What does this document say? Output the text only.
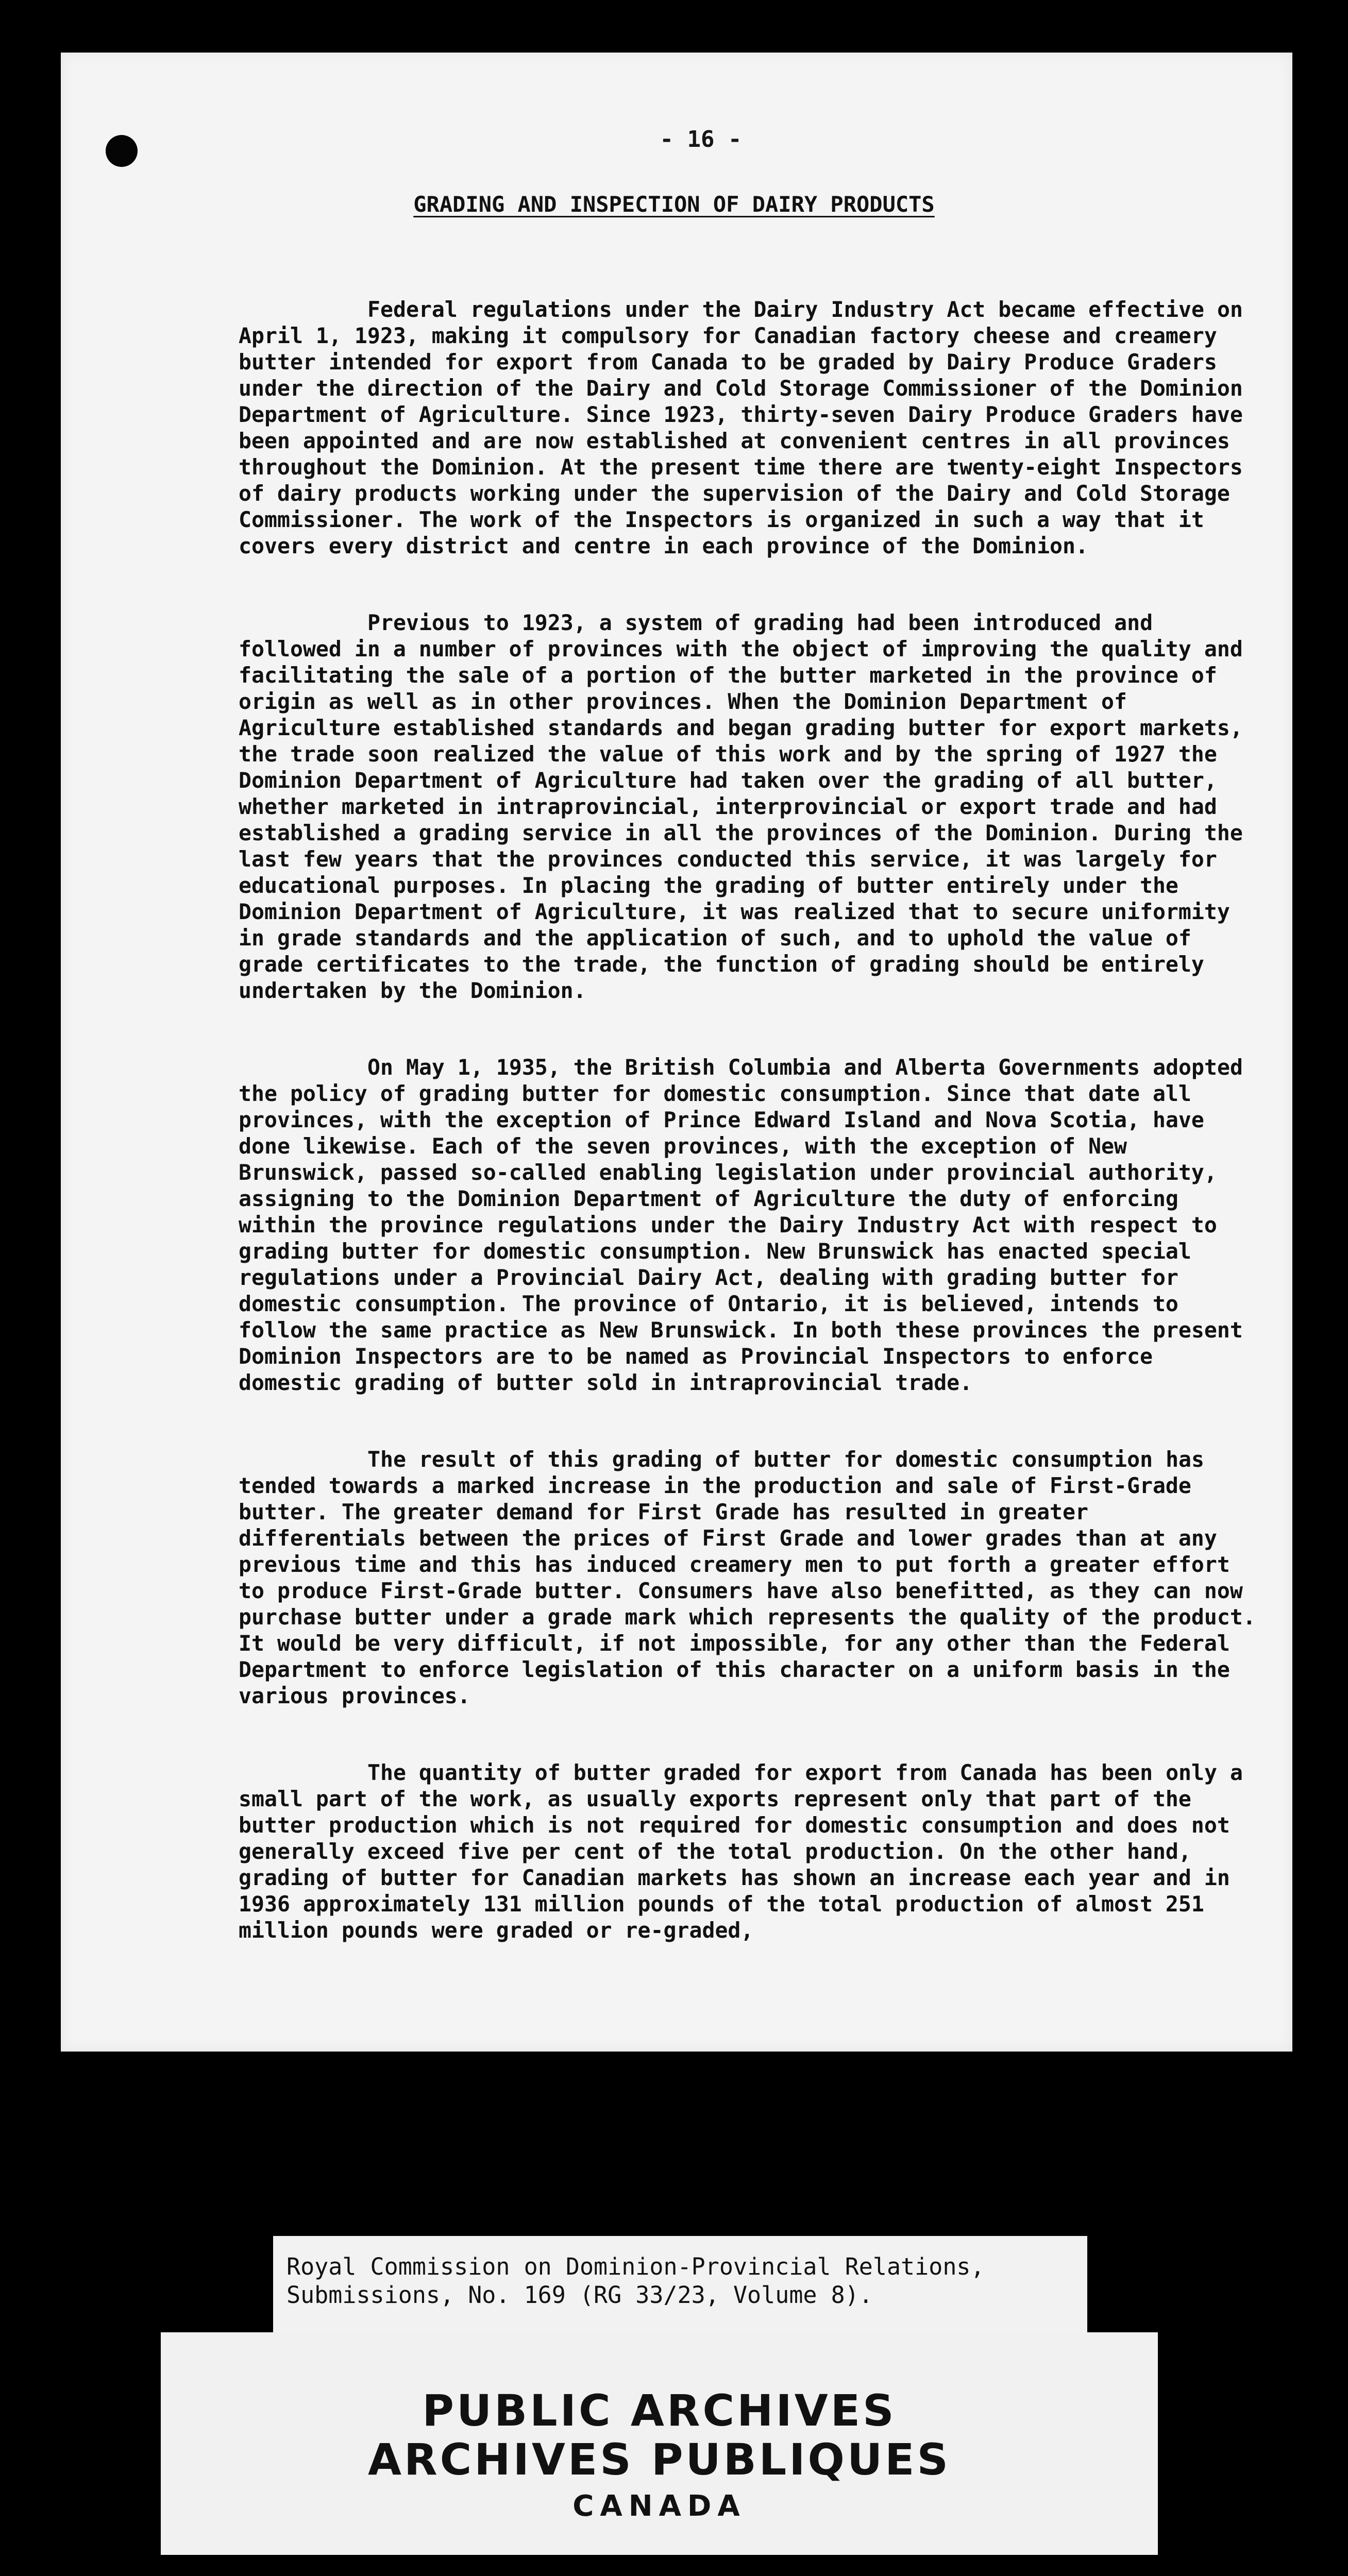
- 16 -
GRADING AND INSPECTION OF DAIRY PRODUCTS

Federal regulations under the Dairy Industry Act became effective on April 1, 1923, making it compulsory for Canadian factory cheese and creamery butter intended for export from Canada to be graded by Dairy Produce Graders under the direction of the Dairy and Cold Storage Commissioner of the Dominion Department of Agriculture. Since 1923, thirty-seven Dairy Produce Graders have been appointed and are now established at convenient centres in all provinces throughout the Dominion. At the present time there are twenty-eight Inspectors of dairy products working under the supervision of the Dairy and Cold Storage Commissioner. The work of the Inspectors is organized in such a way that it covers every district and centre in each province of the Dominion.

Previous to 1923, a system of grading had been introduced and followed in a number of provinces with the object of improving the quality and facilitating the sale of a portion of the butter marketed in the province of origin as well as in other provinces. When the Dominion Department of Agriculture established standards and began grading butter for export markets, the trade soon realized the value of this work and by the spring of 1927 the Dominion Department of Agriculture had taken over the grading of all butter, whether marketed in intraprovincial, interprovincial or export trade and had established a grading service in all the provinces of the Dominion. During the last few years that the provinces conducted this service, it was largely for educational purposes. In placing the grading of butter entirely under the Dominion Department of Agriculture, it was realized that to secure uniformity in grade standards and the application of such, and to uphold the value of grade certificates to the trade, the function of grading should be entirely undertaken by the Dominion.

On May 1, 1935, the British Columbia and Alberta Governments adopted the policy of grading butter for domestic consumption. Since that date all provinces, with the exception of Prince Edward Island and Nova Scotia, have done likewise. Each of the seven provinces, with the exception of New Brunswick, passed so-called enabling legislation under provincial authority, assigning to the Dominion Department of Agriculture the duty of enforcing within the province regulations under the Dairy Industry Act with respect to grading butter for domestic consumption. New Brunswick has enacted special regulations under a Provincial Dairy Act, dealing with grading butter for domestic consumption. The province of Ontario, it is believed, intends to follow the same practice as New Brunswick. In both these provinces the present Dominion Inspectors are to be named as Provincial Inspectors to enforce domestic grading of butter sold in intraprovincial trade.

The result of this grading of butter for domestic consumption has tended towards a marked increase in the production and sale of First-Grade butter. The greater demand for First Grade has resulted in greater differentials between the prices of First Grade and lower grades than at any previous time and this has induced creamery men to put forth a greater effort to produce First-Grade butter. Consumers have also benefitted, as they can now purchase butter under a grade mark which represents the quality of the product. It would be very difficult, if not impossible, for any other than the Federal Department to enforce legislation of this character on a uniform basis in the various provinces.

The quantity of butter graded for export from Canada has been only a small part of the work, as usually exports represent only that part of the butter production which is not required for domestic consumption and does not generally exceed five per cent of the total production. On the other hand, grading of butter for Canadian markets has shown an increase each year and in 1936 approximately 131 million pounds of the total production of almost 251 million pounds were graded or re-graded,

Royal Commission on Dominion-Provincial Relations,
Submissions, No. 169 (RG 33/23, Volume 8).
PUBLIC ARCHIVES
ARCHIVES PUBLIQUES
CANADA
